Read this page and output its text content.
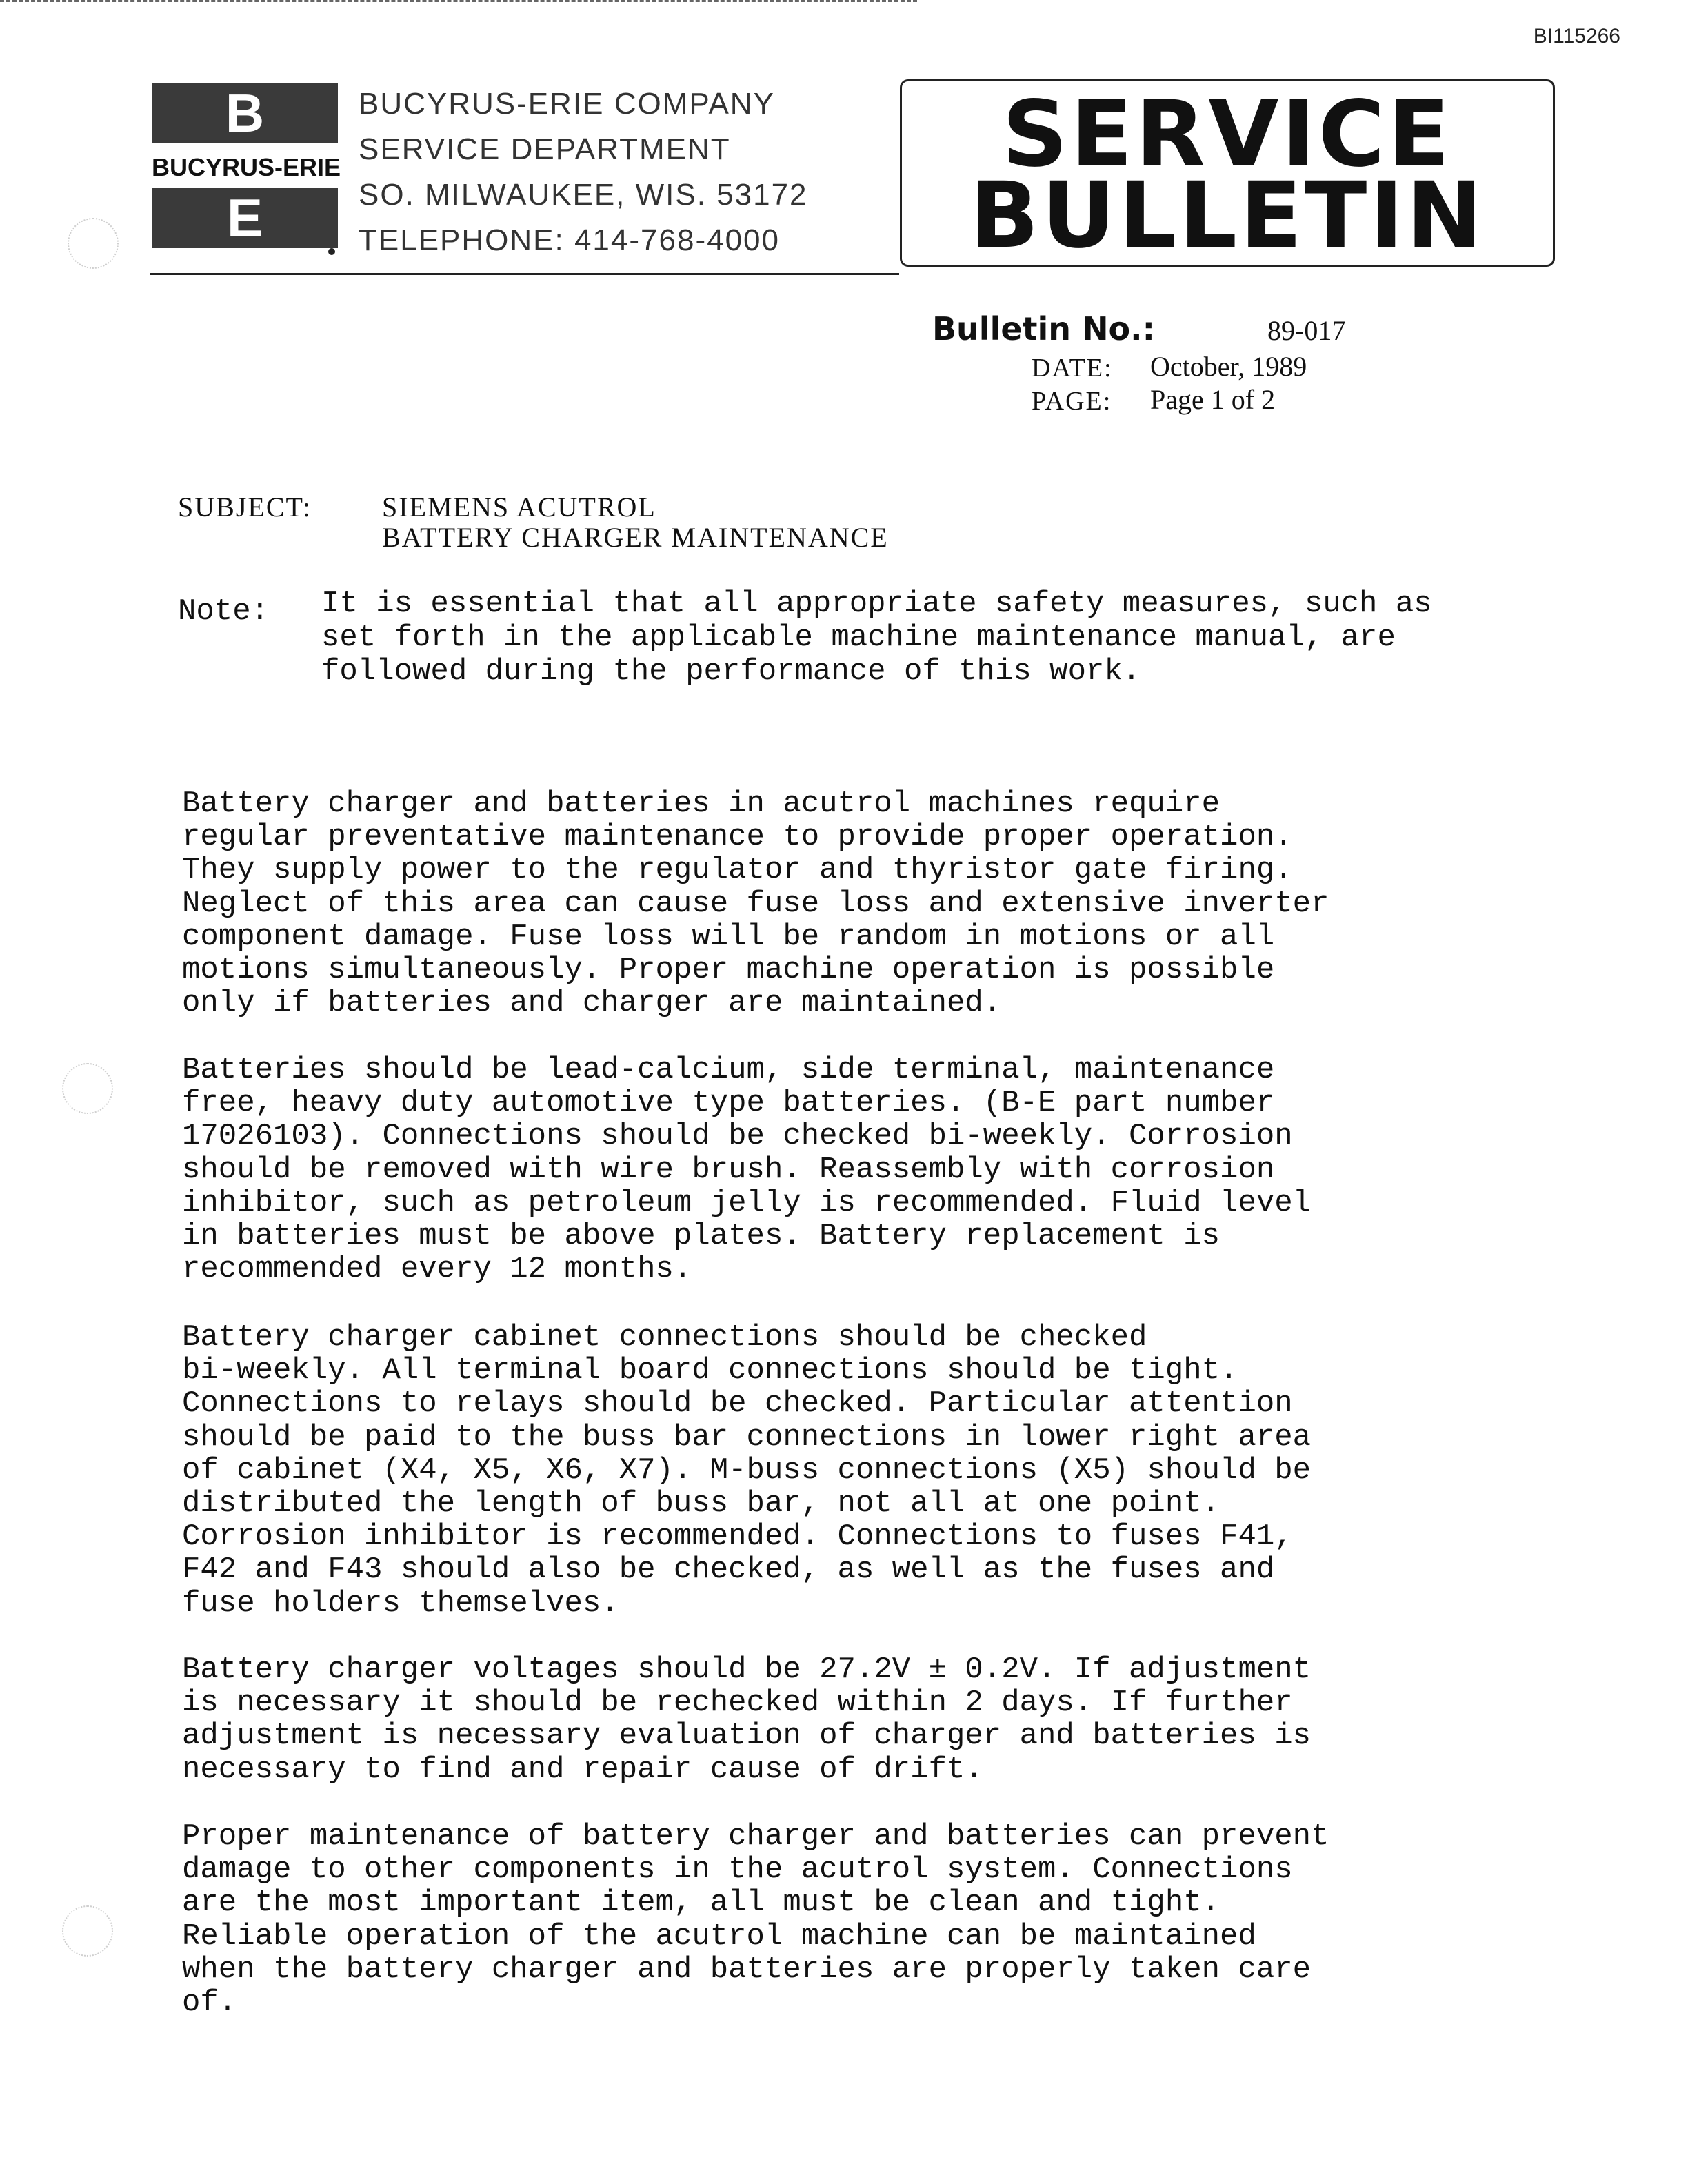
BI115266
B
BUCYRUS-ERIE
E
BUCYRUS-ERIE COMPANY
SERVICE DEPARTMENT
SO. MILWAUKEE, WIS. 53172
TELEPHONE: 414-768-4000
SERVICE
BULLETIN
Bulletin No.:	89-017
DATE: October, 1989
PAGE: Page 1 of 2
SUBJECT:	SIEMENS ACUTROL
BATTERY CHARGER MAINTENANCE
Note: It is essential that all appropriate safety measures, such as set forth in the applicable machine maintenance manual, are followed during the performance of this work.
Battery charger and batteries in acutrol machines require
regular preventative maintenance to provide proper operation.
They supply power to the regulator and thyristor gate firing.
Neglect of this area can cause fuse loss and extensive inverter
component damage. Fuse loss will be random in motions or all
motions simultaneously. Proper machine operation is possible
only if batteries and charger are maintained.
Batteries should be lead-calcium, side terminal, maintenance
free, heavy duty automotive type batteries. (B-E part number
17026103). Connections should be checked bi-weekly. Corrosion
should be removed with wire brush. Reassembly with corrosion
inhibitor, such as petroleum jelly is recommended. Fluid level
in batteries must be above plates. Battery replacement is
recommended every 12 months.
Battery charger cabinet connections should be checked
bi-weekly. All terminal board connections should be tight.
Connections to relays should be checked. Particular attention
should be paid to the buss bar connections in lower right area
of cabinet (X4, X5, X6, X7). M-buss connections (X5) should be
distributed the length of buss bar, not all at one point.
Corrosion inhibitor is recommended. Connections to fuses F41,
F42 and F43 should also be checked, as well as the fuses and
fuse holders themselves.
Battery charger voltages should be 27.2V ± 0.2V. If adjustment
is necessary it should be rechecked within 2 days. If further
adjustment is necessary evaluation of charger and batteries is
necessary to find and repair cause of drift.
Proper maintenance of battery charger and batteries can prevent
damage to other components in the acutrol system. Connections
are the most important item, all must be clean and tight.
Reliable operation of the acutrol machine can be maintained
when the battery charger and batteries are properly taken care
of.
